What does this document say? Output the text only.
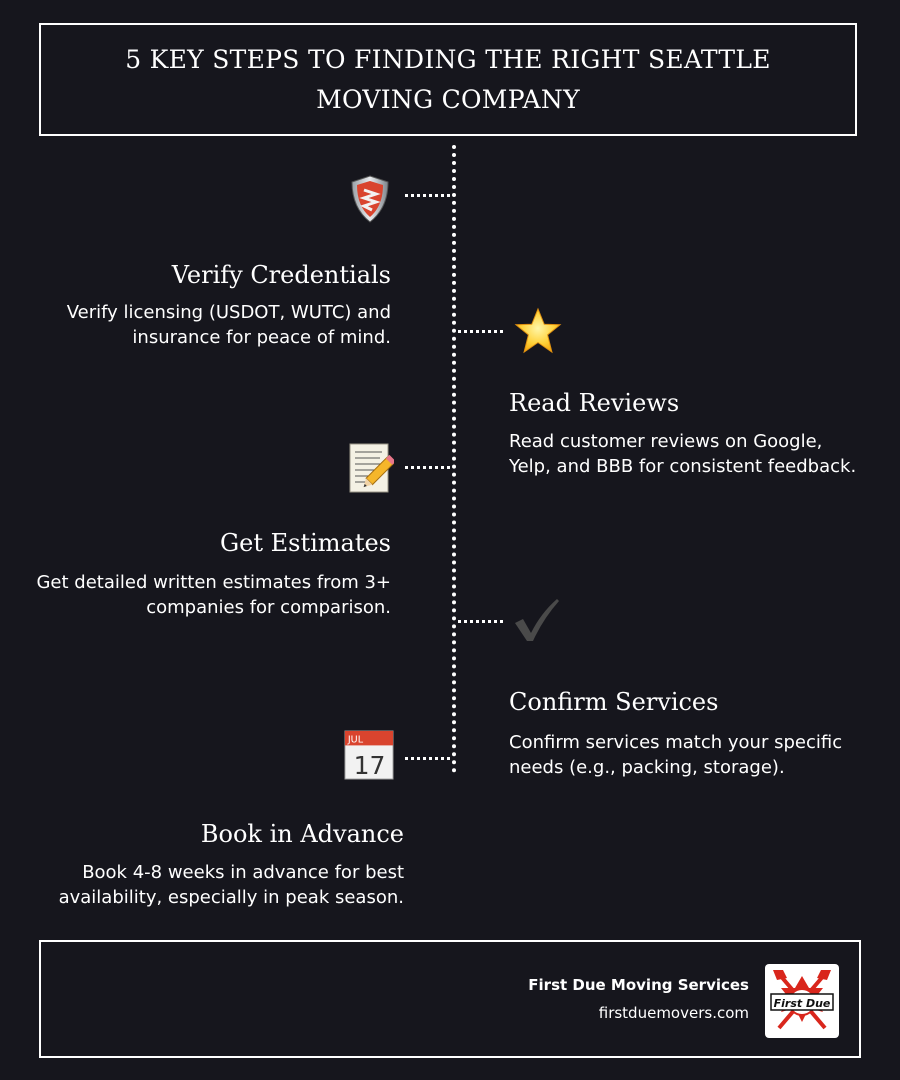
5 KEY STEPS TO FINDING THE RIGHT SEATTLE MOVING COMPANY
Verify Credentials
Verify licensing (USDOT, WUTC) and insurance for peace of mind.
Read Reviews
Read customer reviews on Google, Yelp, and BBB for consistent feedback.
Get Estimates
Get detailed written estimates from 3+ companies for comparison.
Confirm Services
Confirm services match your specific needs (e.g., packing, storage).
JUL
17
Book in Advance
Book 4-8 weeks in advance for best availability, especially in peak season.
First Due Moving Services
firstduemovers.com
First Due
